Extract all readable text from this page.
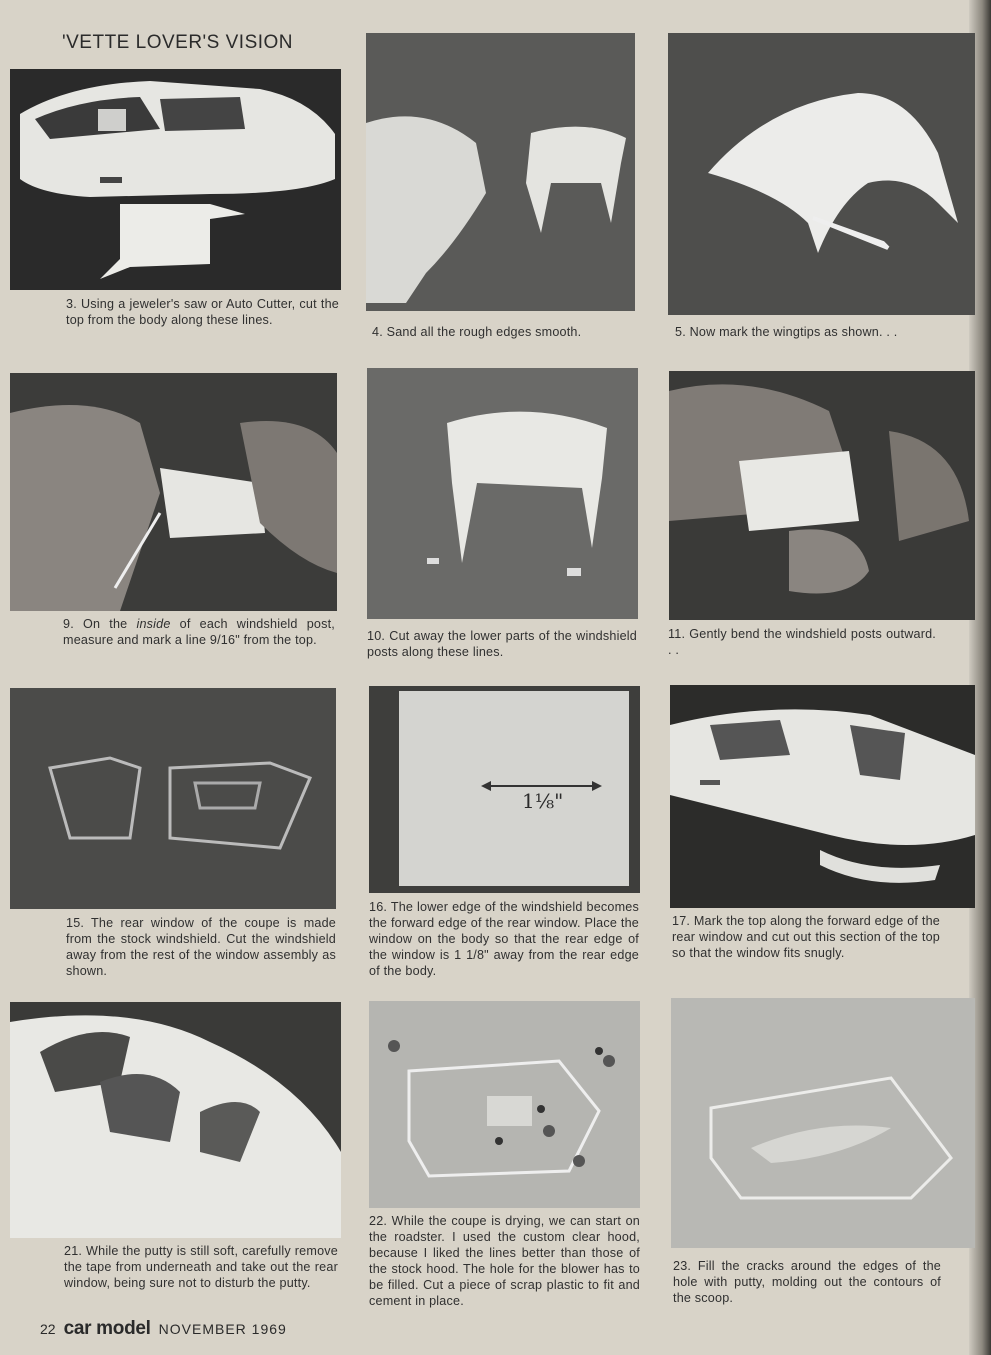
'VETTE LOVER'S VISION
3. Using a jeweler's saw or Auto Cutter, cut the top from the body along these lines.
4. Sand all the rough edges smooth.	5. Now mark the wingtips as shown. . .
9. On the inside of each windshield post, measure and mark a line 9/16" from the top.	10. Cut away the lower parts of the windshield posts along these lines.
11. Gently bend the windshield posts outward. . .
15. The rear window of the coupe is made from the stock windshield. Cut the windshield away from the rest of the window assembly as shown.
1⅛"
16. The lower edge of the windshield becomes the forward edge of the rear window. Place the window on the body so that the rear edge of the window is 1 1/8" away from the rear edge of the body.
17. Mark the top along the forward edge of the rear window and cut out this section of the top so that the window fits snugly.
21. While the putty is still soft, carefully remove the tape from underneath and take out the rear window, being sure not to disturb the putty.
22. While the coupe is drying, we can start on the roadster. I used the custom clear hood, because I liked the lines better than those of the stock hood. The hole for the blower has to be filled. Cut a piece of scrap plastic to fit and cement in place.
23. Fill the cracks around the edges of the hole with putty, molding out the contours of the scoop.
22 car model NOVEMBER 1969
